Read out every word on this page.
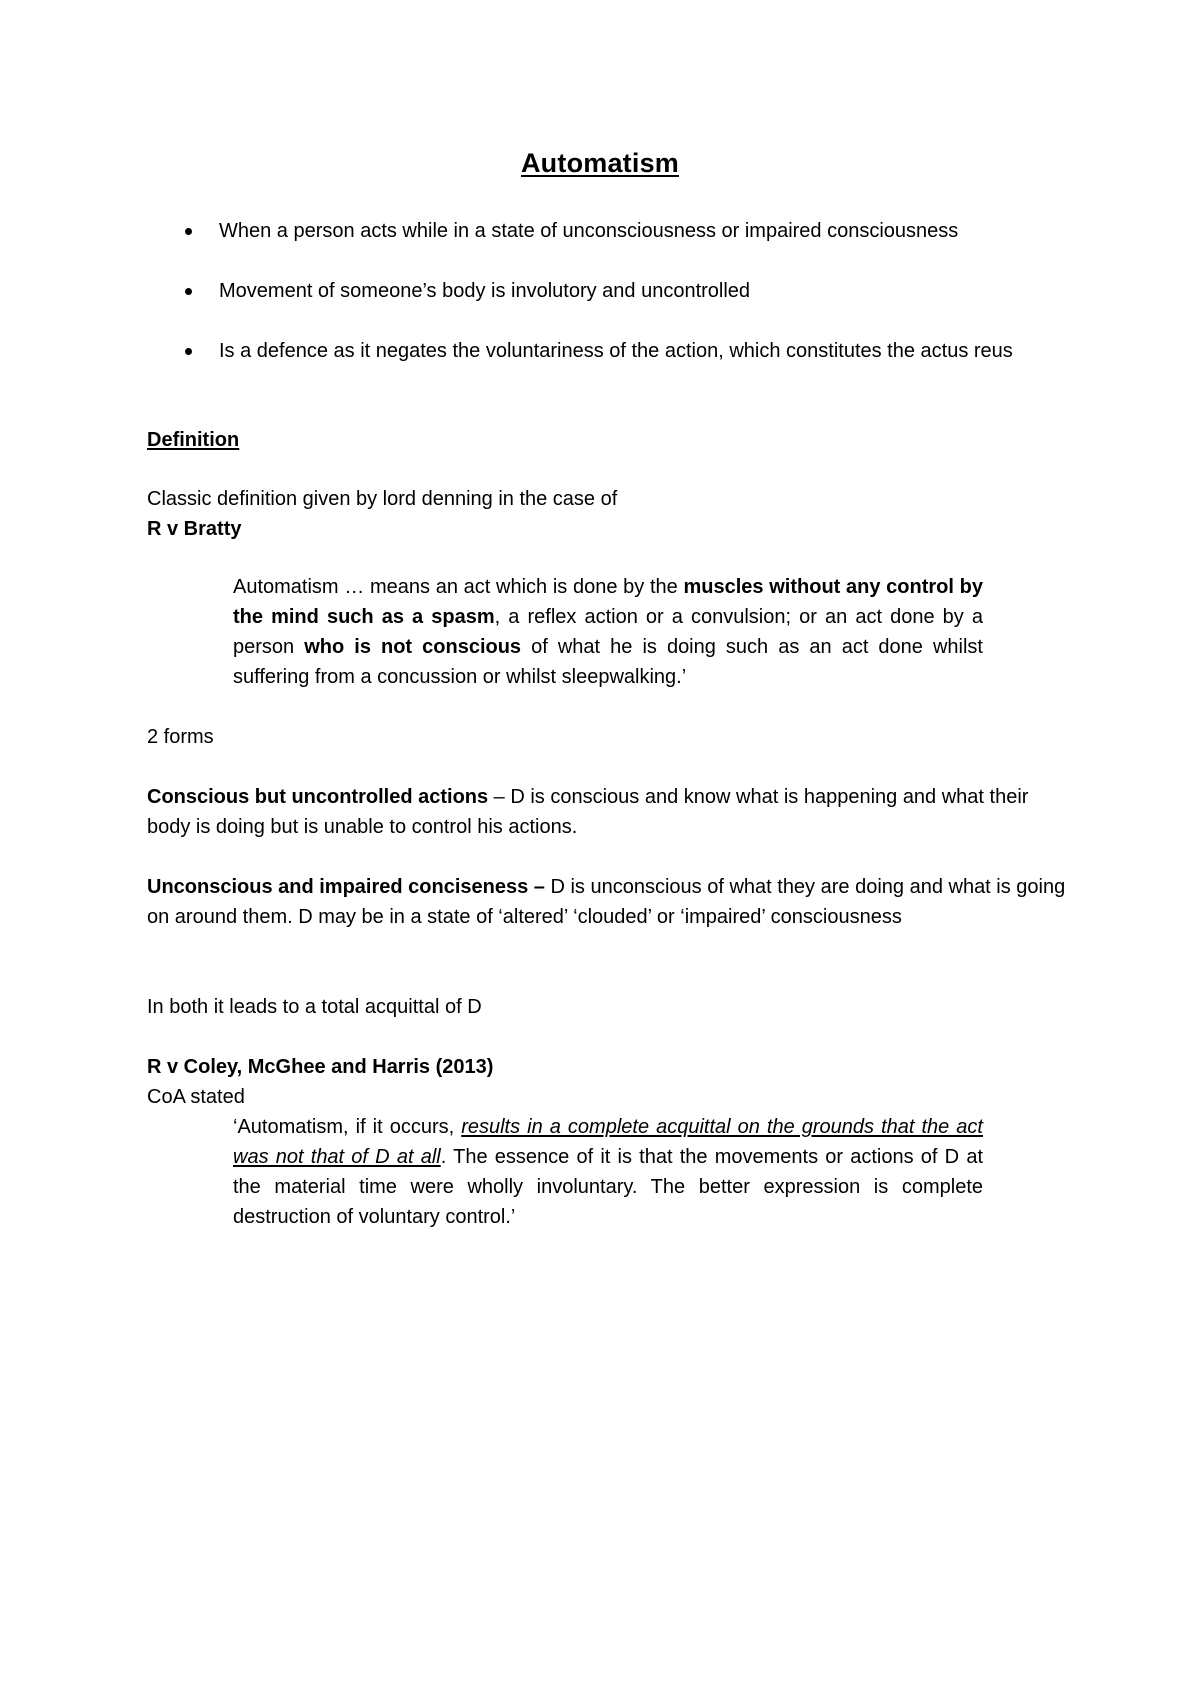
Automatism
When a person acts while in a state of unconsciousness or impaired consciousness
Movement of someone’s body is involutory and uncontrolled
Is a defence as it negates the voluntariness of the action, which constitutes the actus reus

Definition

Classic definition given by lord denning in the case of

R v Bratty

Automatism … means an act which is done by the muscles without any control by the mind such as a spasm, a reflex action or a convulsion; or an act done by a person who is not conscious of what he is doing such as an act done whilst suffering from a concussion or whilst sleepwalking.’

2 forms

Conscious but uncontrolled actions – D is conscious and know what is happening and what their body is doing but is unable to control his actions.

Unconscious and impaired conciseness – D is unconscious of what they are doing and what is going on around them. D may be in a state of ‘altered’ ‘clouded’ or ‘impaired’ consciousness

In both it leads to a total acquittal of D

R v Coley, McGhee and Harris (2013)

CoA stated

‘Automatism, if it occurs, results in a complete acquittal on the grounds that the act was not that of D at all. The essence of it is that the movements or actions of D at the material time were wholly involuntary. The better expression is complete destruction of voluntary control.’
